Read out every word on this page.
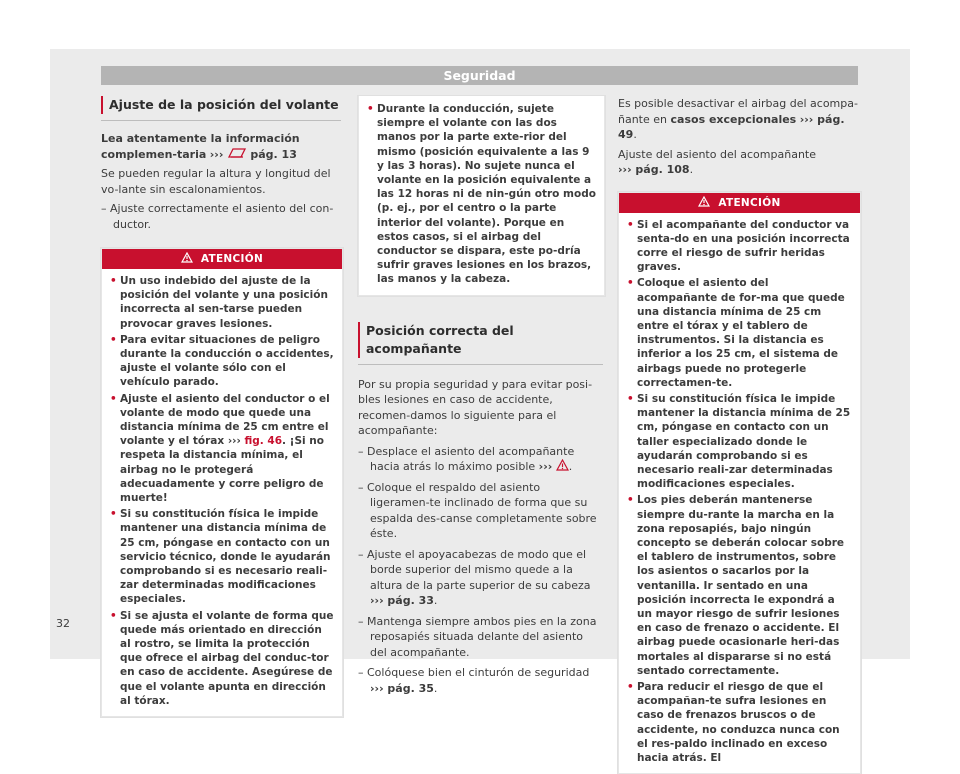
Seguridad
Ajuste de la posición del volante

Lea atentamente la información complemen-taria ››› pág. 13

Se pueden regular la altura y longitud del vo-lante sin escalonamientos.

– Ajuste correctamente el asiento del con-ductor.

ATENCIÓN
• Un uso indebido del ajuste de la posición del volante y una posición incorrecta al sen-tarse pueden provocar graves lesiones.
• Para evitar situaciones de peligro durante la conducción o accidentes, ajuste el volante sólo con el vehículo parado.
• Ajuste el asiento del conductor o el volante de modo que quede una distancia mínima de 25 cm entre el volante y el tórax ››› fig. 46. ¡Si no respeta la distancia mínima, el airbag no le protegerá adecuadamente y corre peligro de muerte!
• Si su constitución física le impide mantener una distancia mínima de 25 cm, póngase en contacto con un servicio técnico, donde le ayudarán comprobando si es necesario reali-zar determinadas modificaciones especiales.
• Si se ajusta el volante de forma que quede más orientado en dirección al rostro, se limita la protección que ofrece el airbag del conduc-tor en caso de accidente. Asegúrese de que el volante apunta en dirección al tórax.
• Durante la conducción, sujete siempre el volante con las dos manos por la parte exte-rior del mismo (posición equivalente a las 9 y las 3 horas). No sujete nunca el volante en la posición equivalente a las 12 horas ni de nin-gún otro modo (p. ej., por el centro o la parte interior del volante). Porque en estos casos, si el airbag del conductor se dispara, este po-dría sufrir graves lesiones en los brazos, las manos y la cabeza.
Posición correcta del acompañante

Por su propia seguridad y para evitar posi-bles lesiones en caso de accidente, recomen-damos lo siguiente para el acompañante:

– Desplace el asiento del acompañante hacia atrás lo máximo posible ››› .

– Coloque el respaldo del asiento ligeramen-te inclinado de forma que su espalda des-canse completamente sobre éste.

– Ajuste el apoyacabezas de modo que el borde superior del mismo quede a la altura de la parte superior de su cabeza
››› pág. 33.

– Mantenga siempre ambos pies en la zona reposapiés situada delante del asiento del acompañante.

– Colóquese bien el cinturón de seguridad
››› pág. 35.

Es posible desactivar el airbag del acompa-ñante en casos excepcionales ››› pág. 49.

Ajuste del asiento del acompañante
››› pág. 108.

ATENCIÓN
• Si el acompañante del conductor va senta-do en una posición incorrecta corre el riesgo de sufrir heridas graves.
• Coloque el asiento del acompañante de for-ma que quede una distancia mínima de 25 cm entre el tórax y el tablero de instrumentos. Si la distancia es inferior a los 25 cm, el sistema de airbags puede no protegerle correctamen-te.
• Si su constitución física le impide mantener la distancia mínima de 25 cm, póngase en contacto con un taller especializado donde le ayudarán comprobando si es necesario reali-zar determinadas modificaciones especiales.
• Los pies deberán mantenerse siempre du-rante la marcha en la zona reposapiés, bajo ningún concepto se deberán colocar sobre el tablero de instrumentos, sobre los asientos o sacarlos por la ventanilla. Ir sentado en una posición incorrecta le expondrá a un mayor riesgo de sufrir lesiones en caso de frenazo o accidente. El airbag puede ocasionarle heri-das mortales al dispararse si no está sentado correctamente.
• Para reducir el riesgo de que el acompañan-te sufra lesiones en caso de frenazos bruscos o de accidente, no conduzca nunca con el res-paldo inclinado en exceso hacia atrás. El
32
